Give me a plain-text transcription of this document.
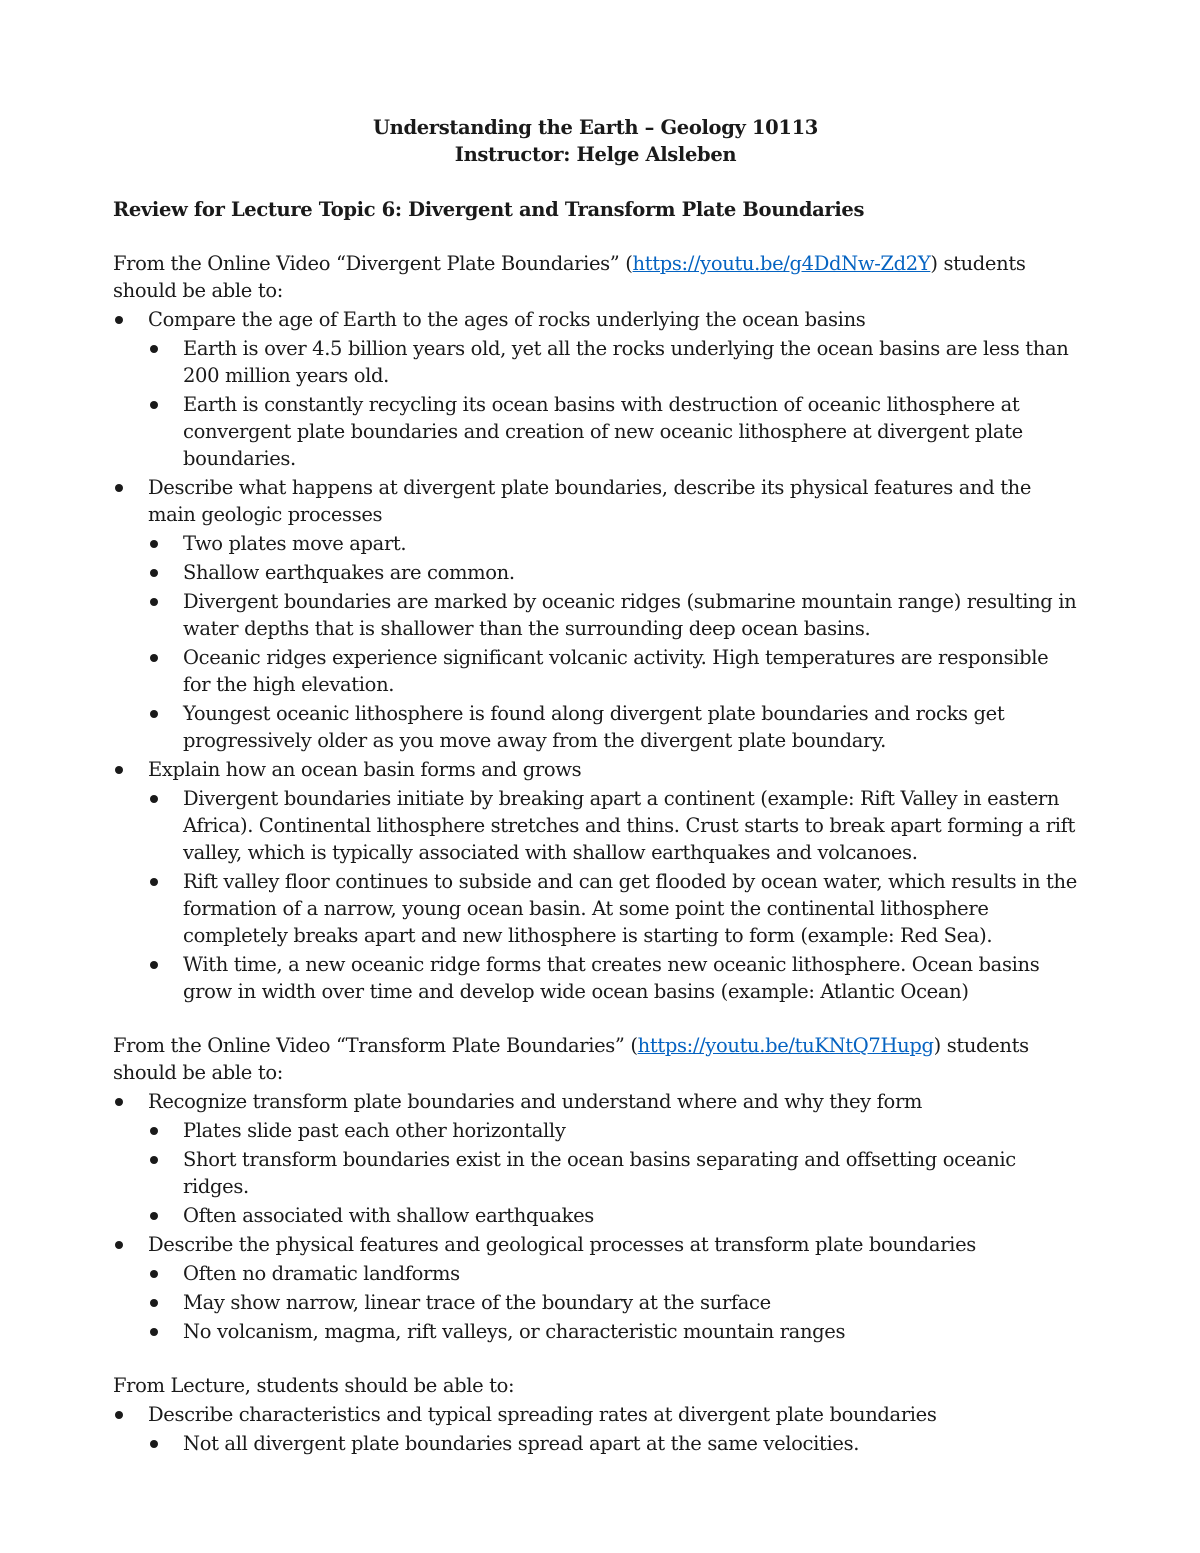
Understanding the Earth – Geology 10113
Instructor: Helge Alsleben
Review for Lecture Topic 6: Divergent and Transform Plate Boundaries
From the Online Video “Divergent Plate Boundaries” (https://youtu.be/g4DdNw-Zd2Y) students should be able to:
Compare the age of Earth to the ages of rocks underlying the ocean basins
Earth is over 4.5 billion years old, yet all the rocks underlying the ocean basins are less than 200 million years old.
Earth is constantly recycling its ocean basins with destruction of oceanic lithosphere at convergent plate boundaries and creation of new oceanic lithosphere at divergent plate boundaries.
Describe what happens at divergent plate boundaries, describe its physical features and the main geologic processes
Two plates move apart.
Shallow earthquakes are common.
Divergent boundaries are marked by oceanic ridges (submarine mountain range) resulting in water depths that is shallower than the surrounding deep ocean basins.
Oceanic ridges experience significant volcanic activity. High temperatures are responsible for the high elevation.
Youngest oceanic lithosphere is found along divergent plate boundaries and rocks get progressively older as you move away from the divergent plate boundary.
Explain how an ocean basin forms and grows
Divergent boundaries initiate by breaking apart a continent (example: Rift Valley in eastern Africa). Continental lithosphere stretches and thins. Crust starts to break apart forming a rift valley, which is typically associated with shallow earthquakes and volcanoes.
Rift valley floor continues to subside and can get flooded by ocean water, which results in the formation of a narrow, young ocean basin. At some point the continental lithosphere completely breaks apart and new lithosphere is starting to form (example: Red Sea).
With time, a new oceanic ridge forms that creates new oceanic lithosphere. Ocean basins grow in width over time and develop wide ocean basins (example: Atlantic Ocean)
From the Online Video “Transform Plate Boundaries” (https://youtu.be/tuKNtQ7Hupg) students should be able to:
Recognize transform plate boundaries and understand where and why they form
Plates slide past each other horizontally
Short transform boundaries exist in the ocean basins separating and offsetting oceanic ridges.
Often associated with shallow earthquakes
Describe the physical features and geological processes at transform plate boundaries
Often no dramatic landforms
May show narrow, linear trace of the boundary at the surface
No volcanism, magma, rift valleys, or characteristic mountain ranges
From Lecture, students should be able to:
Describe characteristics and typical spreading rates at divergent plate boundaries
Not all divergent plate boundaries spread apart at the same velocities.
